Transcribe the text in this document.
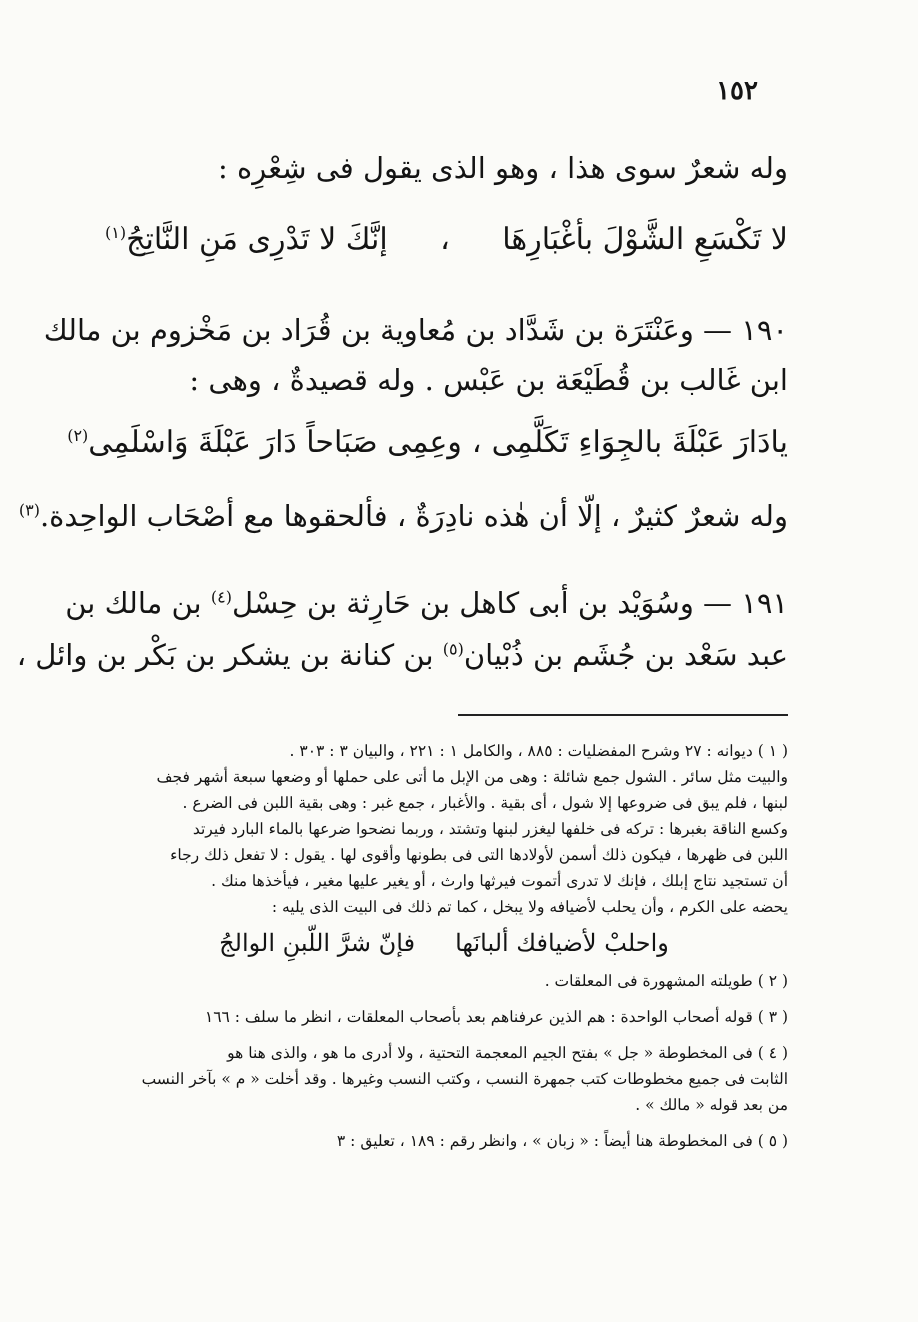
١٥٢
وله شعرٌ سوى هذا ، وهو الذى يقول فى شِعْرِه :
لا تَكْسَعِ الشَّوْلَ بأغْبَارِهَا
،
إنَّكَ لا تَدْرِى مَنِ النَّاتِجُ$^{(١)}$
١٩٠ — وعَنْتَرَة بن شَدَّاد بن مُعاوية بن قُرَاد بن مَخْزوم بن مالك
ابن غَالب بن قُطَيْعَة بن عَبْس . وله قصيدةٌ ، وهى :
يادَارَ عَبْلَةَ بالجِوَاءِ تَكَلَّمِى
،
وعِمِى صَبَاحاً دَارَ عَبْلَةَ وَاسْلَمِى$^{(٢)}$
وله شعرٌ كثيرٌ ، إلّا أن هٰذه نادِرَةٌ ، فألحقوها مع أصْحَاب الواحِدة.$^{(٣)}$
١٩١ — وسُوَيْد بن أبى كاهل بن حَارِثة بن حِسْل$^{(٤)}$ بن مالك بن
عبد سَعْد بن جُشَم بن ذُبْيان$^{(٥)}$ بن كنانة بن يشكر بن بَكْر بن وائل ،
( ١ ) ديوانه : ٢٧ وشرح المفضليات : ٨٨٥ ، والكامل ١ : ٢٢١ ، والبيان ٣ : ٣٠٣ .
والبيت مثل سائر . الشول جمع شائلة : وهى من الإبل ما أتى على حملها أو وضعها سبعة أشهر فجف
لبنها ، فلم يبق فى ضروعها إلا شول ، أى بقية . والأغبار ، جمع غبر : وهى بقية اللبن فى الضرع .
وكسع الناقة بغبرها : تركه فى خلفها ليغزر لبنها وتشتد ، وربما نضحوا ضرعها بالماء البارد فيرتد
اللبن فى ظهرها ، فيكون ذلك أسمن لأولادها التى فى بطونها وأقوى لها . يقول : لا تفعل ذلك رجاء
أن تستجيد نتاج إبلك ، فإنك لا تدرى أتموت فيرثها وارث ، أو يغير عليها مغير ، فيأخذها منك .
يحضه على الكرم ، وأن يحلب لأضيافه ولا يبخل ، كما تم ذلك فى البيت الذى يليه :
واحلبْ لأضيافك ألبانَها
فإنّ شرَّ اللّبنِ الوالجُ
( ٢ ) طويلته المشهورة فى المعلقات .
( ٣ ) قوله أصحاب الواحدة : هم الذين عرفناهم بعد بأصحاب المعلقات ، انظر ما سلف : ١٦٦
( ٤ ) فى المخطوطة « جل » بفتح الجيم المعجمة التحتية ، ولا أدرى ما هو ، والذى هنا هو
الثابت فى جميع مخطوطات كتب جمهرة النسب ، وكتب النسب وغيرها . وقد أخلت « م » بآخر النسب
من بعد قوله « مالك » .
( ٥ ) فى المخطوطة هنا أيضاً : « زبان » ، وانظر رقم : ١٨٩ ، تعليق : ٣
